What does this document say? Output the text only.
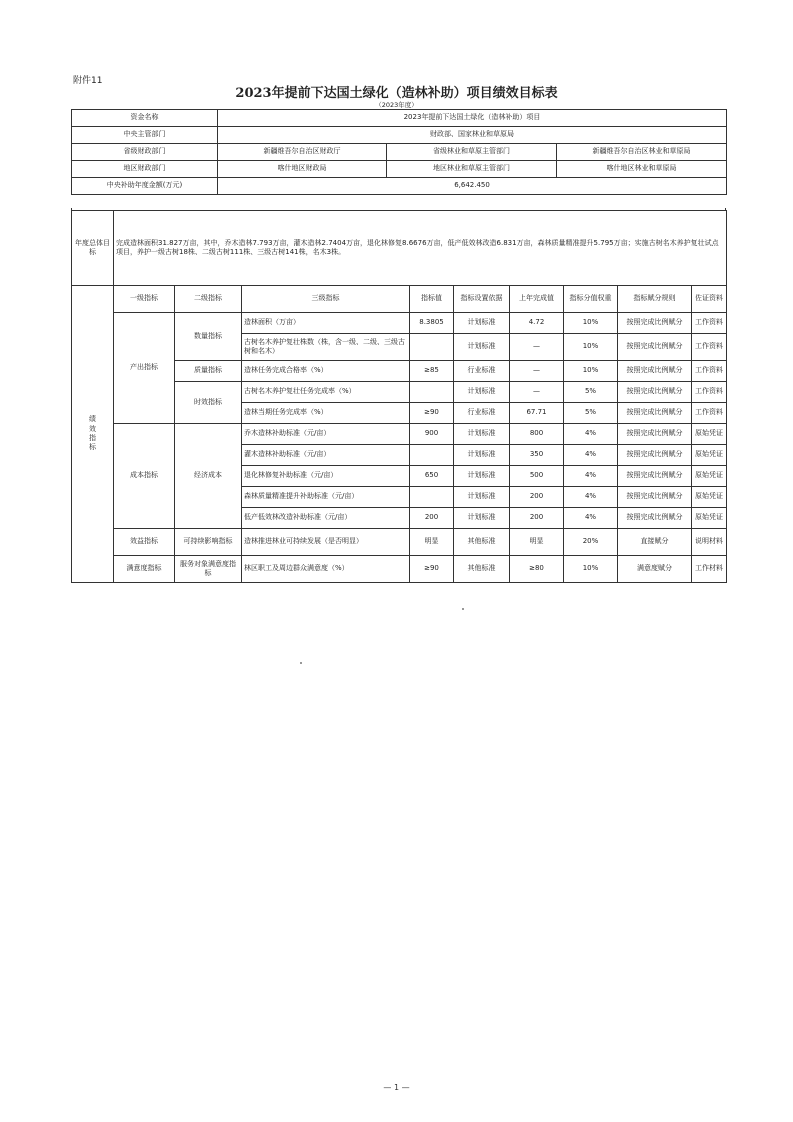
附件11
2023年提前下达国土绿化（造林补助）项目绩效目标表
（2023年度）
资金名称	2023年提前下达国土绿化（造林补助）项目		
中央主管部门	财政部、国家林业和草原局		
省级财政部门	新疆维吾尔自治区财政厅	省级林业和草原主管部门	新疆维吾尔自治区林业和草原局
地区财政部门	喀什地区财政局	地区林业和草原主管部门	喀什地区林业和草原局
中央补助年度金额(万元)	6,642.450		
年度总体目标	完成造林面积31.827万亩，其中，乔木造林7.793万亩，灌木造林2.7404万亩，退化林修复8.6676万亩，低产低效林改造6.831万亩，森林质量精准提升5.795万亩；实施古树名木养护复壮试点项目，养护一级古树18株、二级古树111株、三级古树141株，名木3株。
绩效指标	一级指标	二级指标	三级指标	指标值	指标设置依据	上年完成值	指标分值权重	指标赋分规则	佐证资料
	产出指标	数量指标	造林面积（万亩）	8.3805	计划标准	4.72	10%	按照完成比例赋分	工作资料
			古树名木养护复壮株数（株，含一级、二级、三级古树和名木）		计划标准	—	10%	按照完成比例赋分	工作资料
		质量指标	造林任务完成合格率（%）	≥85	行业标准	—	10%	按照完成比例赋分	工作资料
		时效指标	古树名木养护复壮任务完成率（%）		计划标准	—	5%	按照完成比例赋分	工作资料
			造林当期任务完成率（%）	≥90	行业标准	67.71	5%	按照完成比例赋分	工作资料
	成本指标	经济成本	乔木造林补助标准（元/亩）	900	计划标准	800	4%	按照完成比例赋分	原始凭证
			灌木造林补助标准（元/亩）		计划标准	350	4%	按照完成比例赋分	原始凭证
			退化林修复补助标准（元/亩）	650	计划标准	500	4%	按照完成比例赋分	原始凭证
			森林质量精准提升补助标准（元/亩）		计划标准	200	4%	按照完成比例赋分	原始凭证
			低产低效林改造补助标准（元/亩）	200	计划标准	200	4%	按照完成比例赋分	原始凭证
	效益指标	可持续影响指标	造林推进林业可持续发展（是否明显）	明显	其他标准	明显	20%	直接赋分	说明材料
	满意度指标	服务对象满意度指标	林区职工及周边群众满意度（%）	≥90	其他标准	≥80	10%	满意度赋分	工作材料
— 1 —
